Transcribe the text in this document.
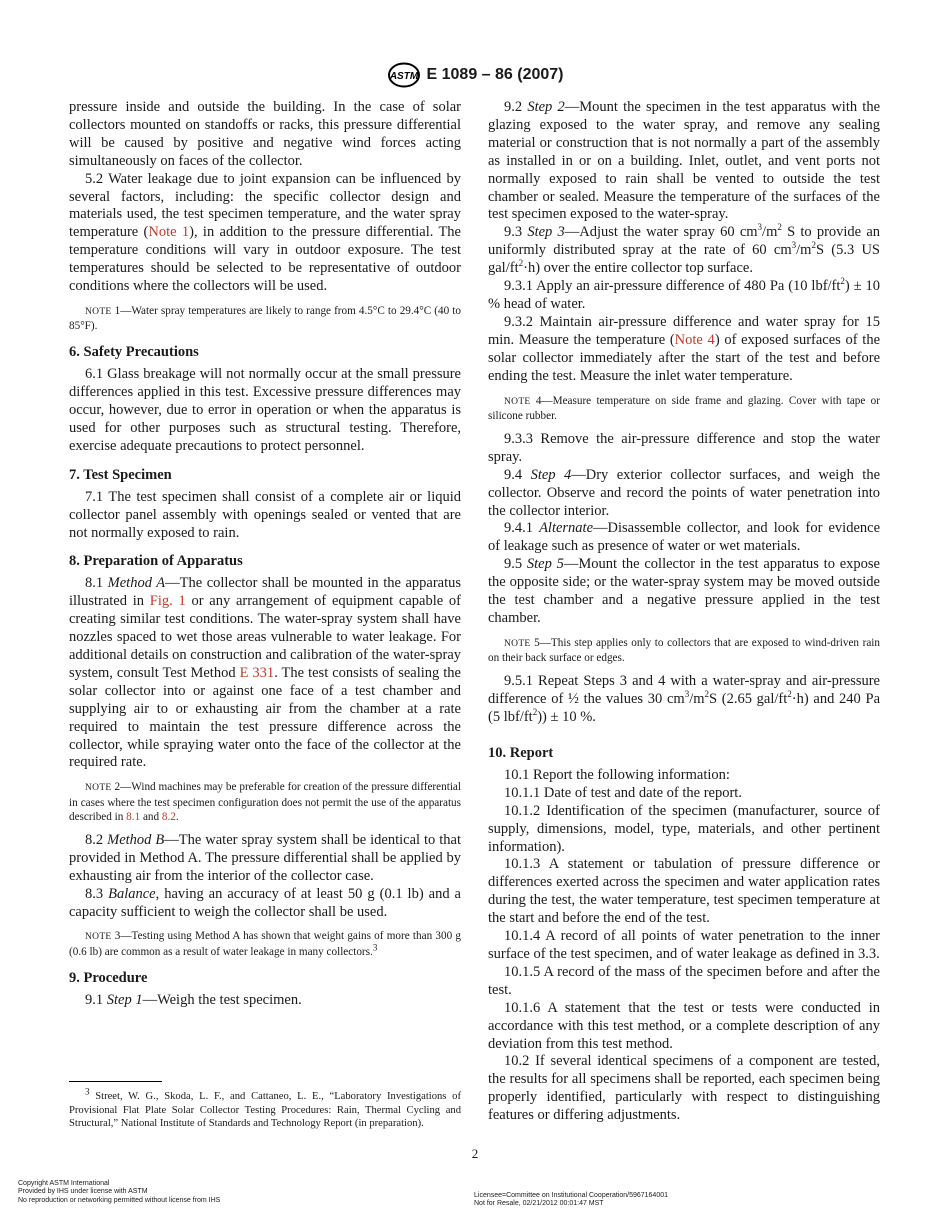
ASTM E 1089 – 86 (2007)

pressure inside and outside the building. In the case of solar collectors mounted on standoffs or racks, this pressure differential will be caused by positive and negative wind forces acting simultaneously on faces of the collector.

5.2 Water leakage due to joint expansion can be influenced by several factors, including: the specific collector design and materials used, the test specimen temperature, and the water spray temperature (Note 1), in addition to the pressure differential. The temperature conditions will vary in outdoor exposure. The test temperatures should be selected to be representative of outdoor conditions where the collectors will be used.

NOTE 1—Water spray temperatures are likely to range from 4.5°C to 29.4°C (40 to 85°F).

6. Safety Precautions

6.1 Glass breakage will not normally occur at the small pressure differences applied in this test. Excessive pressure differences may occur, however, due to error in operation or when the apparatus is used for other purposes such as structural testing. Therefore, exercise adequate precautions to protect personnel.

7. Test Specimen

7.1 The test specimen shall consist of a complete air or liquid collector panel assembly with openings sealed or vented that are not normally exposed to rain.

8. Preparation of Apparatus

8.1 Method A—The collector shall be mounted in the apparatus illustrated in Fig. 1 or any arrangement of equipment capable of creating similar test conditions. The water-spray system shall have nozzles spaced to wet those areas vulnerable to water leakage. For additional details on construction and calibration of the water-spray system, consult Test Method E 331. The test consists of sealing the solar collector into or against one face of a test chamber and supplying air to or exhausting air from the chamber at a rate required to maintain the test pressure difference across the collector, while spraying water onto the face of the collector at the required rate.

NOTE 2—Wind machines may be preferable for creation of the pressure differential in cases where the test specimen configuration does not permit the use of the apparatus described in 8.1 and 8.2.

8.2 Method B—The water spray system shall be identical to that provided in Method A. The pressure differential shall be applied by exhausting air from the interior of the collector case.

8.3 Balance, having an accuracy of at least 50 g (0.1 lb) and a capacity sufficient to weigh the collector shall be used.

NOTE 3—Testing using Method A has shown that weight gains of more than 300 g (0.6 lb) are common as a result of water leakage in many collectors.$^3$

9. Procedure

9.1 Step 1—Weigh the test specimen.

$^3$ Street, W. G., Skoda, L. F., and Cattaneo, L. E., “Laboratory Investigations of Provisional Flat Plate Solar Collector Testing Procedures: Rain, Thermal Cycling and Structural,” National Institute of Standards and Technology Report (in preparation).

9.2 Step 2—Mount the specimen in the test apparatus with the glazing exposed to the water spray, and remove any sealing material or construction that is not normally a part of the assembly as installed in or on a building. Inlet, outlet, and vent ports not normally exposed to rain shall be vented to outside the test chamber or sealed. Measure the temperature of the surfaces of the test specimen exposed to the water-spray.

9.3 Step 3—Adjust the water spray 60 $cm^3/m^2$ S to provide an uniformly distributed spray at the rate of 60 $cm^3/m^2S$ (5.3 US gal/$ft^2\cdot h$) over the entire collector top surface.

9.3.1 Apply an air-pressure difference of 480 Pa (10 lbf/$ft^2) \pm 10$ % head of water.

9.3.2 Maintain air-pressure difference and water spray for 15 min. Measure the temperature (Note 4) of exposed surfaces of the solar collector immediately after the start of the test and before ending the test. Measure the inlet water temperature.

NOTE 4—Measure temperature on side frame and glazing. Cover with tape or silicone rubber.

9.3.3 Remove the air-pressure difference and stop the water spray.

9.4 Step 4—Dry exterior collector surfaces, and weigh the collector. Observe and record the points of water penetration into the collector interior.

9.4.1 Alternate—Disassemble collector, and look for evidence of leakage such as presence of water or wet materials.

9.5 Step 5—Mount the collector in the test apparatus to expose the opposite side; or the water-spray system may be moved outside the test chamber and a negative pressure applied in the test chamber.

NOTE 5—This step applies only to collectors that are exposed to wind-driven rain on their back surface or edges.

9.5.1 Repeat Steps 3 and 4 with a water-spray and air-pressure difference of ½ the values 30 $cm^3/m^2S$ (2.65 gal/$ft^2\cdot h$) and 240 Pa (5 lbf/$ft^2)) \pm 10$ %.

10. Report

10.1 Report the following information:

10.1.1 Date of test and date of the report.

10.1.2 Identification of the specimen (manufacturer, source of supply, dimensions, model, type, materials, and other pertinent information).

10.1.3 A statement or tabulation of pressure difference or differences exerted across the specimen and water application rates during the test, the water temperature, test specimen temperature at the start and before the end of the test.

10.1.4 A record of all points of water penetration to the inner surface of the test specimen, and of water leakage as defined in 3.3.

10.1.5 A record of the mass of the specimen before and after the test.

10.1.6 A statement that the test or tests were conducted in accordance with this test method, or a complete description of any deviation from this test method.

10.2 If several identical specimens of a component are tested, the results for all specimens shall be reported, each specimen being properly identified, particularly with respect to distinguishing features or differing adjustments.

2
Copyright ASTM International
Provided by IHS under license with ASTM
No reproduction or networking permitted without license from IHS
Licensee=Committee on Institutional Cooperation/5967164001
Not for Resale, 02/21/2012 00:01:47 MST
